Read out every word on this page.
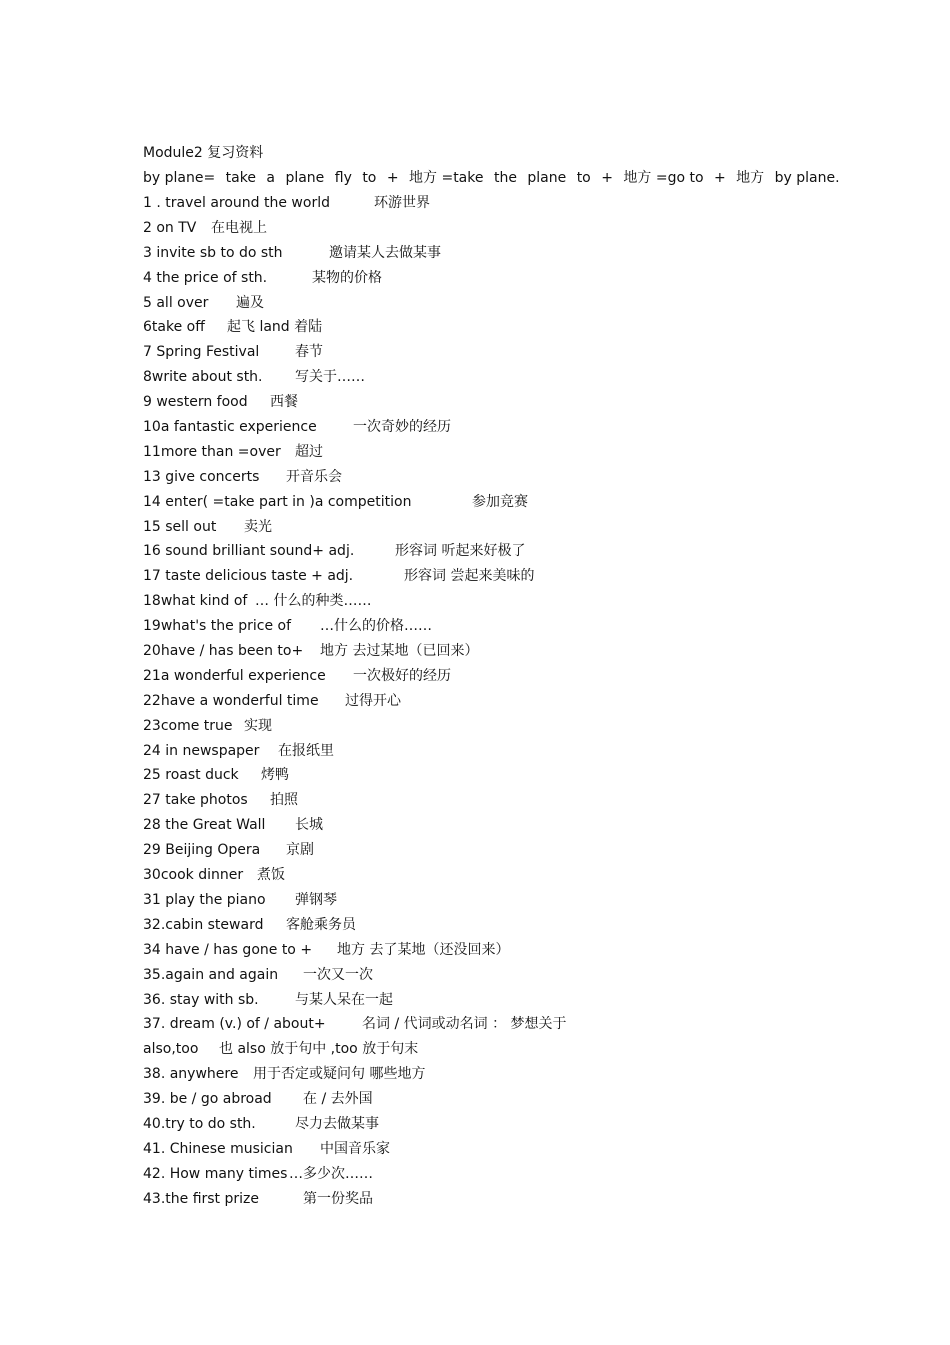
Module2 复习资料
by plane= take a plane fly to + 地方 =take the plane to + 地方 =go to + 地方 by plane.
1 . travel around the world	环游世界
2 on TV 在电视上
3 invite sb to do sth	邀请某人去做某事
4 the price of sth.	某物的价格
5 all over 遍及
6take off 起飞 land 着陆
7 Spring Festival	春节
8write about sth. 写关于……
9 western food 西餐
10a fantastic experience	一次奇妙的经历
11more than =over 超过
13 give concerts 开音乐会
14 enter( =take part in )a competition	参加竞赛
15 sell out 卖光
16 sound brilliant sound+ adj.	形容词 听起来好极了
17 taste delicious taste + adj.	形容词 尝起来美味的
18what kind of … 什么的种类……
19what's the price of …什么的价格……
20have / has been to+ 地方 去过某地（已回来）
21a wonderful experience 一次极好的经历
22have a wonderful time 过得开心
23come true 实现
24 in newspaper 在报纸里
25 roast duck 烤鸭
27 take photos 拍照
28 the Great Wall 长城
29 Beijing Opera 京剧
30cook dinner 煮饭
31 play the piano 弹钢琴
32.cabin steward 客舱乘务员
34 have / has gone to + 地方 去了某地（还没回来）
35.again and again 一次又一次
36. stay with sb.	与某人呆在一起
37. dream (v.) of / about+	名词 / 代词或动名词 ： 梦想关于
also,too 也 also 放于句中 ,too 放于句末
38. anywhere 用于否定或疑问句 哪些地方
39. be / go abroad 在 / 去外国
40.try to do sth.	尽力去做某事
41. Chinese musician 中国音乐家
42. How many times …多少次……
43.the first prize	第一份奖品
